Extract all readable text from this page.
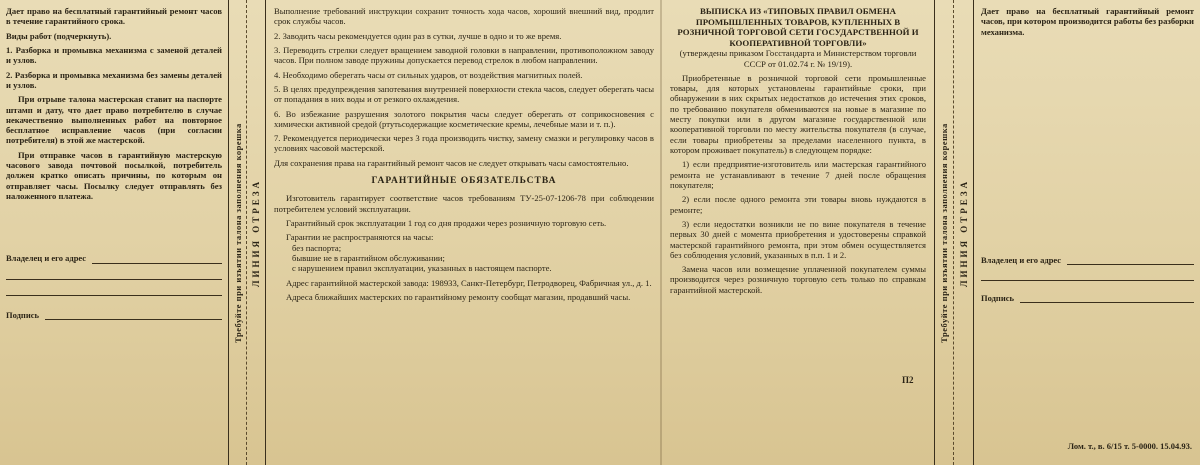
Дает право на бесплатный гарантийный ремонт часов в течение гарантийного срока.
Виды работ (подчеркнуть).
1. Разборка и промывка механизма с заменой деталей и узлов.
2. Разборка и промывка механизма без замены деталей и узлов.
При отрыве талона мастерская ставит на паспорте штамп и дату, что дает право потребителю в случае некачественно выполненных работ на повторное бесплатное исправление часов (при согласии потребителя) в этой же мастерской.
При отправке часов в гарантийную мастерскую часового завода почтовой посылкой, потребитель должен кратко описать причины, по которым он отправляет часы. Посылку следует отправлять без наложенного платежа.
Владелец и его адрес
Подпись	Требуйте при изъятии талона заполнения корешка ЛИНИЯ ОТРЕЗА
Выполнение требований инструкции сохранит точность хода часов, хороший внешний вид, продлит срок службы часов.
2. Заводить часы рекомендуется один раз в сутки, лучше в одно и то же время.
3. Переводить стрелки следует вращением заводной головки в направлении, противоположном заводу часов. При полном заводе пружины допускается перевод стрелок в любом направлении.
4. Необходимо оберегать часы от сильных ударов, от воздействия магнитных полей.
5. В целях предупреждения запотевания внутренней поверхности стекла часов, следует оберегать часы от попадания в них воды и от резкого охлаждения.
6. Во избежание разрушения золотого покрытия часы следует оберегать от соприкосновения с химически активной средой (ртутьсодержащие косметические кремы, лечебные мази и т. п.).
7. Рекомендуется периодически через 3 года производить чистку, замену смазки и регулировку часов в условиях часовой мастерской.
Для сохранения права на гарантийный ремонт часов не следует открывать часы самостоятельно.
ГАРАНТИЙНЫЕ ОБЯЗАТЕЛЬСТВА
Изготовитель гарантирует соответствие часов требованиям ТУ-25-07-1206-78 при соблюдении потребителем условий эксплуатации.
Гарантийный срок эксплуатации 1 год со дня продажи через розничную торговую сеть.
Гарантии не распространяются на часы:
без паспорта;
бывшие не в гарантийном обслуживании;
с нарушением правил эксплуатации, указанных в настоящем паспорте.
Адрес гарантийной мастерской завода: 198933, Санкт-Петербург, Петродворец, Фабричная ул., д. 1.
Адреса ближайших мастерских по гарантийному ремонту сообщат магазин, продавший часы.
П2
ВЫПИСКА ИЗ «ТИПОВЫХ ПРАВИЛ ОБМЕНА ПРОМЫШЛЕННЫХ ТОВАРОВ, КУПЛЕННЫХ В РОЗНИЧНОЙ ТОРГОВОЙ СЕТИ ГОСУДАРСТВЕННОЙ И КООПЕРАТИВНОЙ ТОРГОВЛИ»
(утверждены приказом Госстандарта и Министерством торговли СССР от 01.02.74 г. № 19/19).
Приобретенные в розничной торговой сети промышленные товары, для которых установлены гарантийные сроки, при обнаружении в них скрытых недостатков до истечения этих сроков, по требованию покупателя обмениваются на новые в магазине по месту покупки или в другом магазине государственной или кооперативной торговли по месту жительства покупателя (в случае, если товары приобретены за пределами населенного пункта, в котором проживает покупатель) в следующем порядке:
1) если предприятие-изготовитель или мастерская гарантийного ремонта не устанавливают в течение 7 дней после обращения покупателя;
2) если после одного ремонта эти товары вновь нуждаются в ремонте;
3) если недостатки возникли не по вине покупателя в течение первых 30 дней с момента приобретения и удостоверены справкой мастерской гарантийного ремонта, при этом обмен осуществляется без соблюдения условий, указанных в п.п. 1 и 2.
Замена часов или возмещение уплаченной покупателем суммы производится через розничную торговую сеть только по справкам гарантийной мастерской.	Требуйте при изъятии талона заполнения корешка ЛИНИЯ ОТРЕЗА
Дает право на бесплатный гарантийный ремонт часов, при котором производится работы без разборки механизма.
Владелец и его адрес
Подпись
Лом. т., в. 6/15 т. 5-0000. 15.04.93.
